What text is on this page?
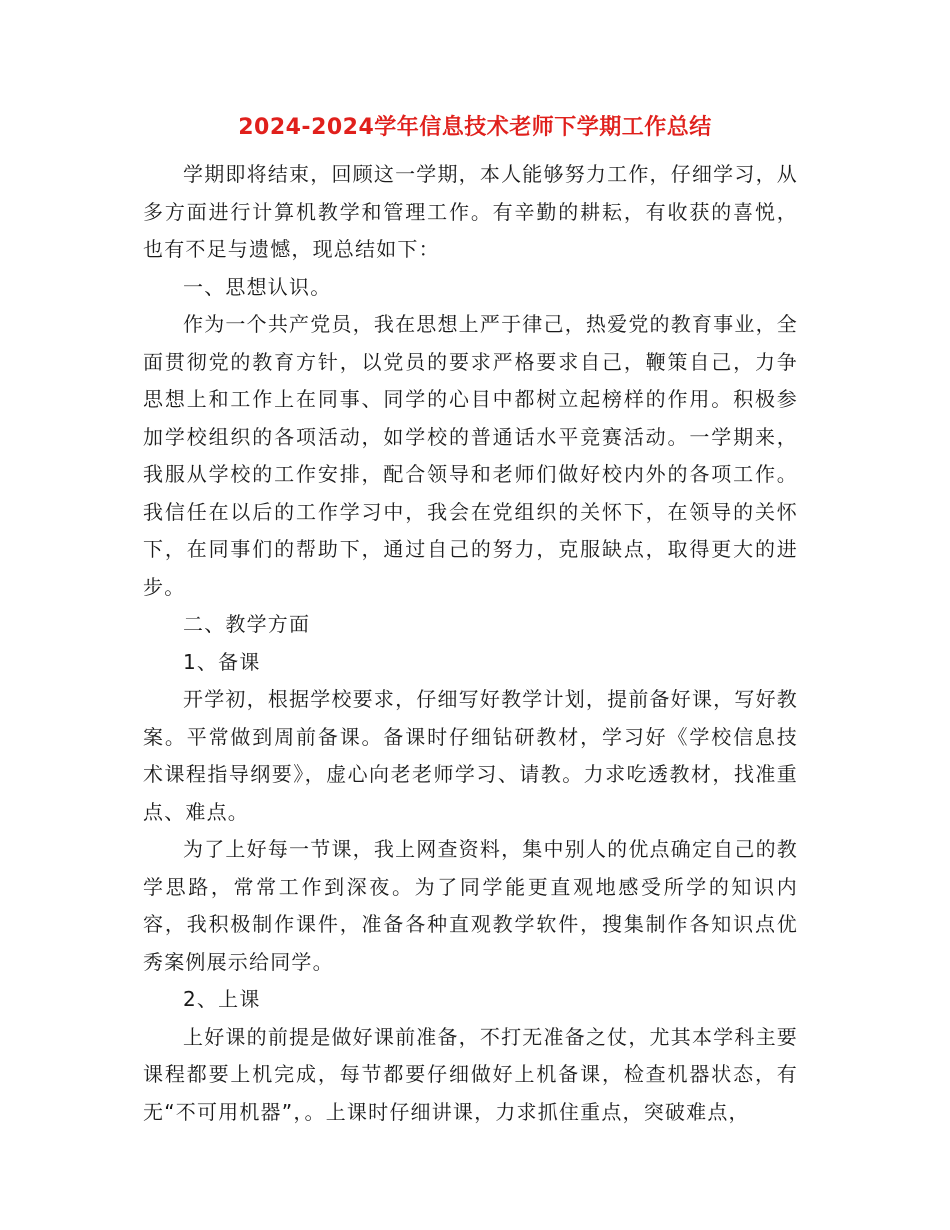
2024-2024学年信息技术老师下学期工作总结

学期即将结束，回顾这一学期，本人能够努力工作，仔细学习，从多方面进行计算机教学和管理工作。有辛勤的耕耘，有收获的喜悦，也有不足与遗憾，现总结如下：

一、思想认识。

作为一个共产党员，我在思想上严于律己，热爱党的教育事业，全面贯彻党的教育方针，以党员的要求严格要求自己，鞭策自己，力争思想上和工作上在同事、同学的心目中都树立起榜样的作用。积极参加学校组织的各项活动，如学校的普通话水平竞赛活动。一学期来，我服从学校的工作安排，配合领导和老师们做好校内外的各项工作。我信任在以后的工作学习中，我会在党组织的关怀下，在领导的关怀下，在同事们的帮助下，通过自己的努力，克服缺点，取得更大的进步。

二、教学方面

1、备课

开学初，根据学校要求，仔细写好教学计划，提前备好课，写好教案。平常做到周前备课。备课时仔细钻研教材，学习好《学校信息技术课程指导纲要》，虚心向老老师学习、请教。力求吃透教材，找准重点、难点。

为了上好每一节课，我上网查资料，集中别人的优点确定自己的教学思路，常常工作到深夜。为了同学能更直观地感受所学的知识内容，我积极制作课件，准备各种直观教学软件，搜集制作各知识点优秀案例展示给同学。

2、上课

上好课的前提是做好课前准备，不打无准备之仗，尤其本学科主要课程都要上机完成，每节都要仔细做好上机备课，检查机器状态，有无“不可用机器”，。上课时仔细讲课，力求抓住重点，突破难点，
